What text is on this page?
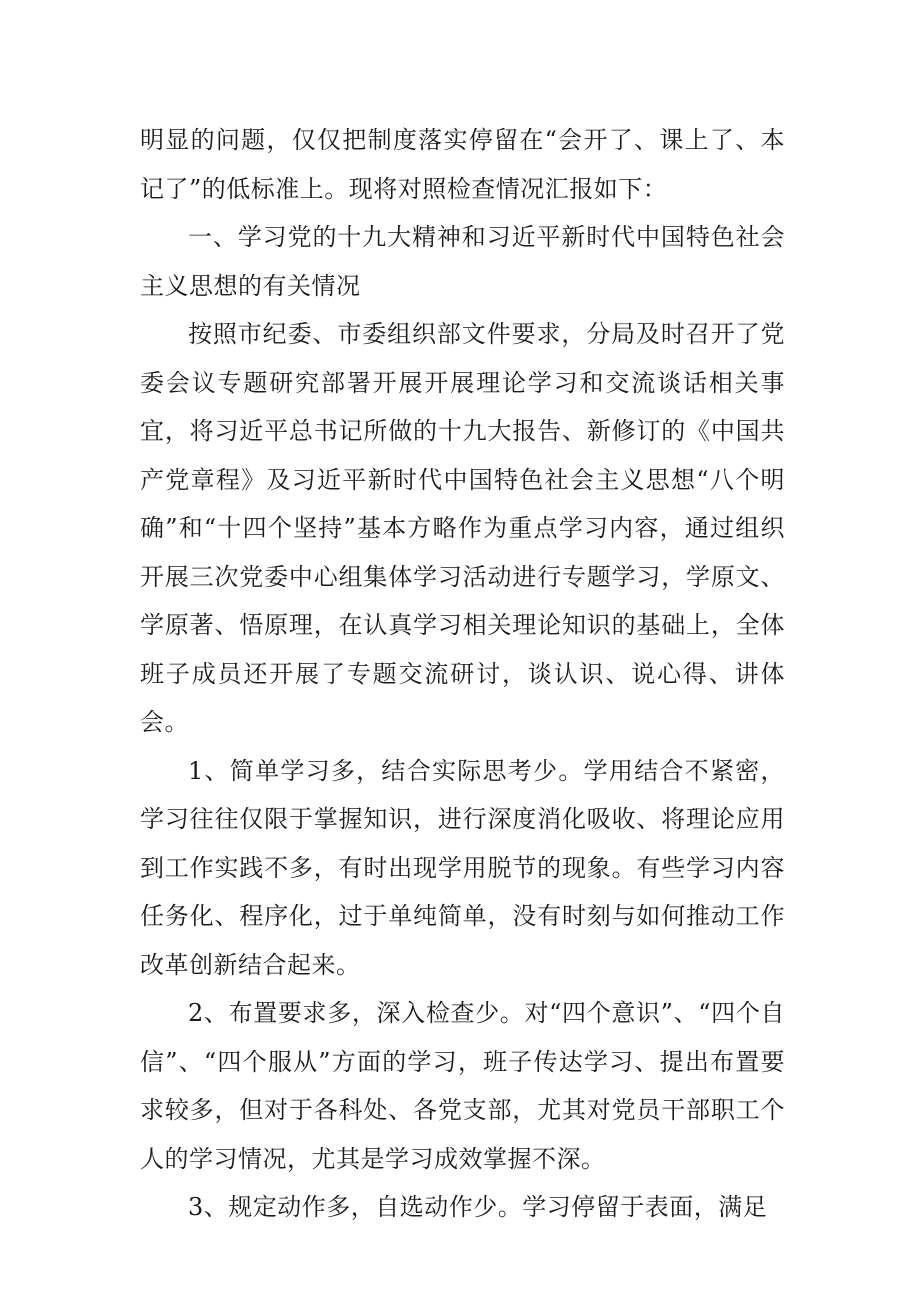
明显的问题，仅仅把制度落实停留在“会开了、课上了、本记了”的低标准上。现将对照检查情况汇报如下：

一、学习党的十九大精神和习近平新时代中国特色社会主义思想的有关情况

按照市纪委、市委组织部文件要求，分局及时召开了党委会议专题研究部署开展开展理论学习和交流谈话相关事宜，将习近平总书记所做的十九大报告、新修订的《中国共产党章程》及习近平新时代中国特色社会主义思想“八个明确”和“十四个坚持”基本方略作为重点学习内容，通过组织开展三次党委中心组集体学习活动进行专题学习，学原文、学原著、悟原理，在认真学习相关理论知识的基础上，全体班子成员还开展了专题交流研讨，谈认识、说心得、讲体会。

1、简单学习多，结合实际思考少。学用结合不紧密，学习往往仅限于掌握知识，进行深度消化吸收、将理论应用到工作实践不多，有时出现学用脱节的现象。有些学习内容任务化、程序化，过于单纯简单，没有时刻与如何推动工作改革创新结合起来。

2、布置要求多，深入检查少。对“四个意识”、“四个自信”、“四个服从”方面的学习，班子传达学习、提出布置要求较多，但对于各科处、各党支部，尤其对党员干部职工个人的学习情况，尤其是学习成效掌握不深。

3、规定动作多，自选动作少。学习停留于表面，满足
